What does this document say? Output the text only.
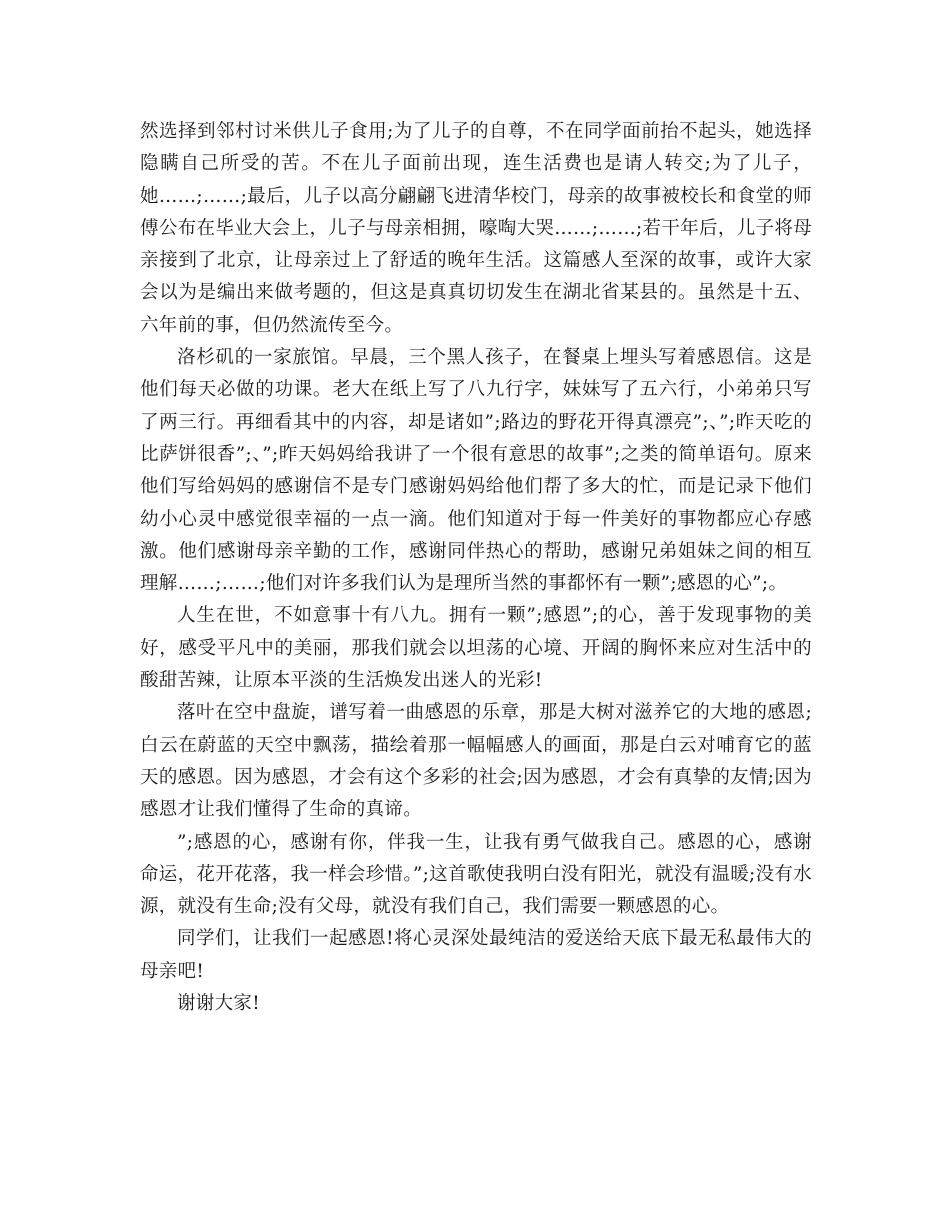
然选择到邻村讨米供儿子食用;为了儿子的自尊，不在同学面前抬不起头，她选择隐瞒自己所受的苦。不在儿子面前出现，连生活费也是请人转交;为了儿子，她……;……;最后，儿子以高分翩翩飞进清华校门，母亲的故事被校长和食堂的师傅公布在毕业大会上，儿子与母亲相拥，嚎啕大哭……;……;若干年后，儿子将母亲接到了北京，让母亲过上了舒适的晚年生活。这篇感人至深的故事，或许大家会以为是编出来做考题的，但这是真真切切发生在湖北省某县的。虽然是十五、六年前的事，但仍然流传至今。

洛杉矶的一家旅馆。早晨，三个黑人孩子，在餐桌上埋头写着感恩信。这是他们每天必做的功课。老大在纸上写了八九行字，妹妹写了五六行，小弟弟只写了两三行。再细看其中的内容，却是诸如”;路边的野花开得真漂亮”;、”;昨天吃的比萨饼很香”;、”;昨天妈妈给我讲了一个很有意思的故事”;之类的简单语句。原来他们写给妈妈的感谢信不是专门感谢妈妈给他们帮了多大的忙，而是记录下他们幼小心灵中感觉很幸福的一点一滴。他们知道对于每一件美好的事物都应心存感激。他们感谢母亲辛勤的工作，感谢同伴热心的帮助，感谢兄弟姐妹之间的相互理解……;……;他们对许多我们认为是理所当然的事都怀有一颗”;感恩的心”;。

人生在世，不如意事十有八九。拥有一颗”;感恩”;的心，善于发现事物的美好，感受平凡中的美丽，那我们就会以坦荡的心境、开阔的胸怀来应对生活中的酸甜苦辣，让原本平淡的生活焕发出迷人的光彩!

落叶在空中盘旋，谱写着一曲感恩的乐章，那是大树对滋养它的大地的感恩;白云在蔚蓝的天空中飘荡，描绘着那一幅幅感人的画面，那是白云对哺育它的蓝天的感恩。因为感恩，才会有这个多彩的社会;因为感恩，才会有真挚的友情;因为感恩才让我们懂得了生命的真谛。

”;感恩的心，感谢有你，伴我一生，让我有勇气做我自己。感恩的心，感谢命运，花开花落，我一样会珍惜。”;这首歌使我明白没有阳光，就没有温暖;没有水源，就没有生命;没有父母，就没有我们自己，我们需要一颗感恩的心。

同学们，让我们一起感恩!将心灵深处最纯洁的爱送给天底下最无私最伟大的母亲吧!

谢谢大家!
